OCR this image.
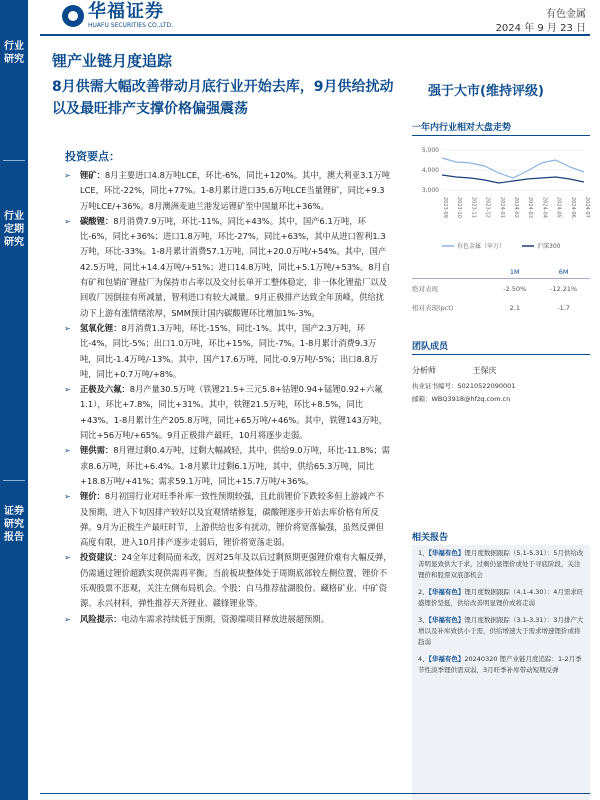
行业研究
行业定期研究
证券研究报告
华福证券
HUAFU SECURITIES CO.,LTD.
有色金属
2024 年 9 月 23 日
锂产业链月度追踪
8月供需大幅改善带动月底行业开始去库，9月供给扰动以及最旺排产支撑价格偏强震荡
强于大市(维持评级)
投资要点：
➢ 锂矿：8月主要进口4.8万吨LCE，环比-6%，同比+120%。其中，澳大利亚3.1万吨LCE，环比-22%，同比+77%。1-8月累计进口35.6万吨LCE当量锂矿，同比+9.3万吨LCE/+36%。8月澳洲麦迪兰港发运锂矿至中国量环比+36%。
➢ 碳酸锂：8月消费7.9万吨，环比-11%，同比+43%。其中，国产6.1万吨，环比-6%，同比+36%；进口1.8万吨，环比-27%，同比+63%，其中从进口智利1.3万吨，环比-33%。1-8月累计消费57.1万吨，同比+20.0万吨/+54%。其中，国产42.5万吨，同比+14.4万吨/+51%；进口14.8万吨，同比+5.1万吨/+53%。8月自有矿和包销矿锂盐厂为保持市占率以及交付长单开工整体稳定，非一体化锂盐厂以及回收厂因倒挂有所减量，智利进口有较大减量。9月正极排产达致全年顶峰，供给扰动下上游有涨情绪浓厚，SMM预计国内碳酸锂环比增加1%-3%。
➢ 氢氧化锂：8月消费1.3万吨，环比-15%，同比-1%。其中，国产2.3万吨，环比-4%，同比-5%；出口1.0万吨，环比+15%，同比-7%。1-8月累计消费9.3万吨，同比-1.4万吨/-13%。其中，国产17.6万吨，同比-0.9万吨/-5%；出口8.8万吨，同比+0.7万吨/+8%。
➢ 正极及六氟：8月产量30.5万吨（铁锂21.5+三元5.8+钴锂0.94+锰锂0.92+六氟1.1），环比+7.8%，同比+31%。其中，铁锂21.5万吨，环比+8.5%，同比+43%。1-8月累计生产205.8万吨，同比+65万吨/+46%。其中，铁锂143万吨，同比+56万吨/+65%。9月正极排产最旺，10月将逐步走弱。
➢ 锂供需：8月锂过剩0.4万吨，过剩大幅减轻，其中，供给9.0万吨，环比-11.8%；需求8.6万吨，环比+6.4%。1-8月累计过剩6.1万吨，其中，供给65.3万吨，同比+18.8万吨/+41%；需求59.1万吨，同比+15.7万吨/+36%。
➢ 锂价：8月初国行业对旺季补库一致性预期较强，且此前锂价下跌较多但上游减产不及预期，进入下旬因排产较好以及宜观情绪修复，碳酸锂逐步开始去库价格有所反弹。9月为正极生产最旺时节，上游供给也多有扰动，锂价将宽落偏强，虽然反弹但高度有限，进入10月排产逐步走弱后，锂价将宽荡走弱。
➢ 投资建议：24全年过剩局面未改，因对25年及以后过剩预期更强锂价难有大幅反弹，仍需通过锂价超跌实现供需再平衡。当前板块整体处于周期底部较左侧位置，锂价不乐观股票不悲观，关注左侧布局机会。个股：白马推荐盐湖股份、藏格矿业、中矿资源、永兴材料，弹性推荐天齐锂业、赣锋锂业等。
➢ 风险提示：电动车需求持续低于预期，资源端项目释放进展超预期。
一年内行业相对大盘走势
5,000
4,000
3,000
2023-09 2023-10 2023-11 2023-12 2024-01 2024-02 2024-03 2024-04 2024-05 2024-06 2024-07
有色金属（申万）	沪深300
	1M	6M
绝对表现	-2.50%	-12.21%
相对表现(pct)	2.1	-1.7
团队成员
分析师	王保庆
执业证书编号：S0210522090001
邮箱：WBQ3918@hfzq.com.cn
相关报告
1、【华福有色】锂月度数据跟踪（5.1-5.31）：5月供给改善明显致供大于求，过剩仍显锂价或处于寻底阶段，关注锂价和股票双底部机会
2、【华福有色】锂月度数据跟踪（4.1-4.30）：4月需求旺盛锂价坚挺，供给改善明显锂价或将走弱
3、【华福有色】锂月度数据跟踪（3.1-3.31）：3月排产大增以及补库致供小于需，供给增速大于需求增速锂价或将趋弱
4、【华福有色】20240320 锂产业链月度追踪：1-2月季节性淡季锂供需双弱，3月旺季补库带动短期反弹
